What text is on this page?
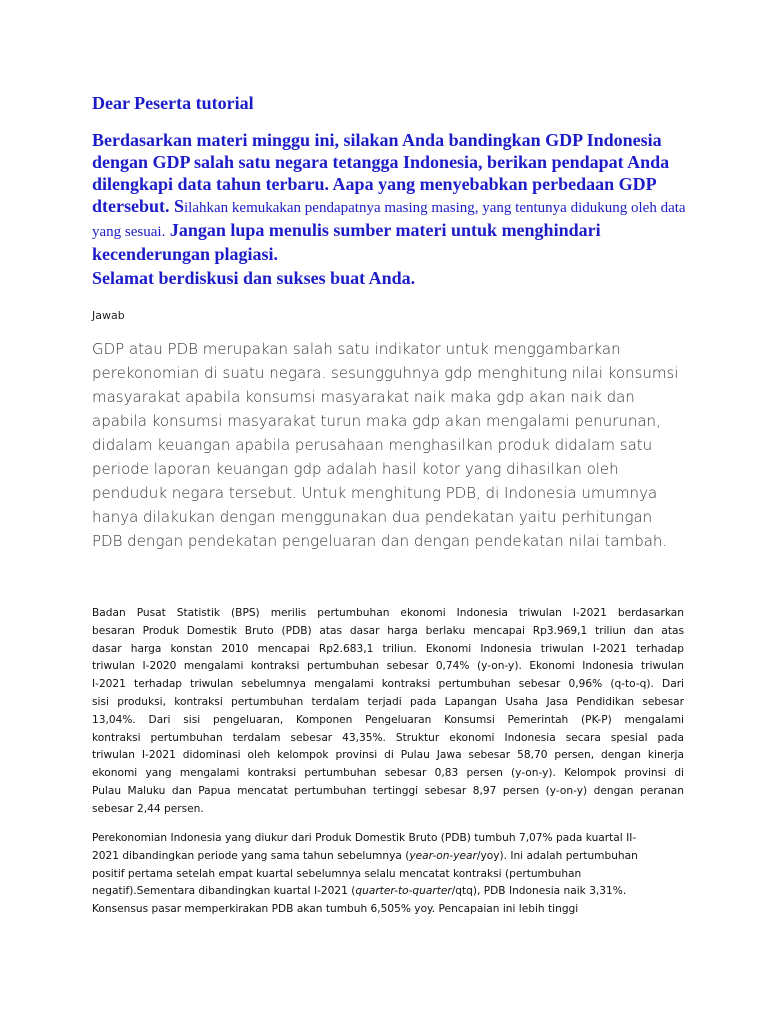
Dear Peserta tutorial

Berdasarkan materi minggu ini, silakan Anda bandingkan GDP Indonesia dengan GDP salah satu negara tetangga Indonesia, berikan pendapat Anda dilengkapi data tahun terbaru. Aapa yang menyebabkan perbedaan GDP dtersebut. Silahkan kemukakan pendapatnya masing masing, yang tentunya didukung oleh data yang sesuai. Jangan lupa menulis sumber materi untuk menghindari kecenderungan plagiasi.

Selamat berdiskusi dan sukses buat Anda.

Jawab

GDP atau PDB merupakan salah satu indikator untuk menggambarkan
perekonomian di suatu negara. sesungguhnya gdp menghitung nilai konsumsi
masyarakat apabila konsumsi masyarakat naik maka gdp akan naik dan
apabila konsumsi masyarakat turun maka gdp akan mengalami penurunan,
didalam keuangan apabila perusahaan menghasilkan produk didalam satu
periode laporan keuangan gdp adalah hasil kotor yang dihasilkan oleh
penduduk negara tersebut. Untuk menghitung PDB, di Indonesia umumnya
hanya dilakukan dengan menggunakan dua pendekatan yaitu perhitungan
PDB dengan pendekatan pengeluaran dan dengan pendekatan nilai tambah.

Badan Pusat Statistik (BPS) merilis pertumbuhan ekonomi Indonesia triwulan I-2021 berdasarkan
besaran Produk Domestik Bruto (PDB) atas dasar harga berlaku mencapai Rp3.969,1 triliun dan atas
dasar harga konstan 2010 mencapai Rp2.683,1 triliun. Ekonomi Indonesia triwulan I-2021 terhadap
triwulan I-2020 mengalami kontraksi pertumbuhan sebesar 0,74% (y-on-y). Ekonomi Indonesia triwulan
I-2021 terhadap triwulan sebelumnya mengalami kontraksi pertumbuhan sebesar 0,96% (q-to-q). Dari
sisi produksi, kontraksi pertumbuhan terdalam terjadi pada Lapangan Usaha Jasa Pendidikan sebesar
13,04%. Dari sisi pengeluaran, Komponen Pengeluaran Konsumsi Pemerintah (PK-P) mengalami
kontraksi pertumbuhan terdalam sebesar 43,35%. Struktur ekonomi Indonesia secara spesial pada
triwulan I-2021 didominasi oleh kelompok provinsi di Pulau Jawa sebesar 58,70 persen, dengan kinerja
ekonomi yang mengalami kontraksi pertumbuhan sebesar 0,83 persen (y-on-y). Kelompok provinsi di
Pulau Maluku dan Papua mencatat pertumbuhan tertinggi sebesar 8,97 persen (y-on-y) dengan peranan
sebesar 2,44 persen.

Perekonomian Indonesia yang diukur dari Produk Domestik Bruto (PDB) tumbuh 7,07% pada kuartal II-
2021 dibandingkan periode yang sama tahun sebelumnya (year-on-year/yoy). Ini adalah pertumbuhan
positif pertama setelah empat kuartal sebelumnya selalu mencatat kontraksi (pertumbuhan
negatif).Sementara dibandingkan kuartal I-2021 (quarter-to-quarter/qtq), PDB Indonesia naik 3,31%.
Konsensus pasar memperkirakan PDB akan tumbuh 6,505% yoy. Pencapaian ini lebih tinggi
